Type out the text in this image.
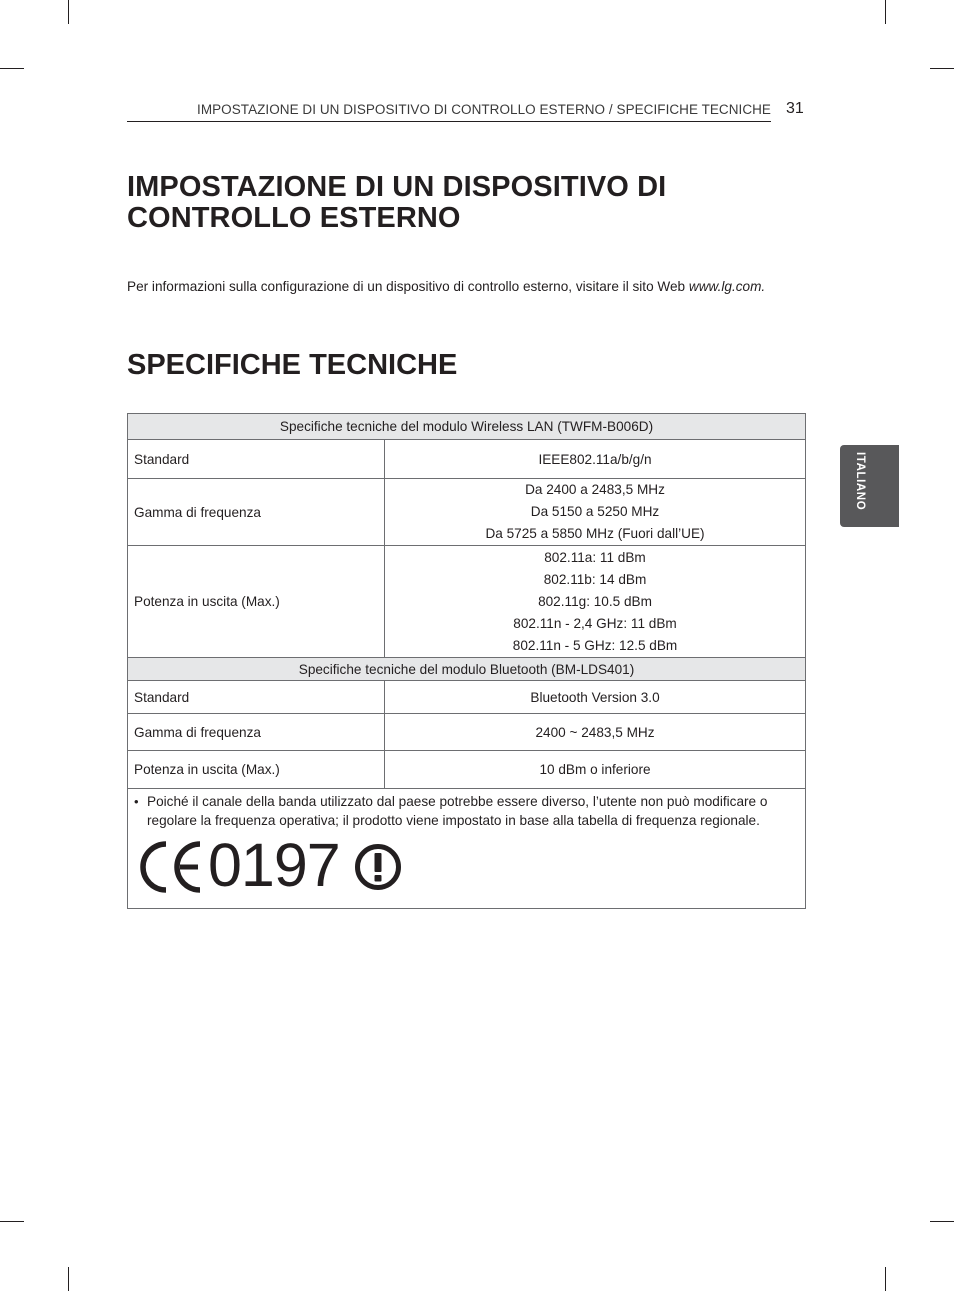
IMPOSTAZIONE DI UN DISPOSITIVO DI CONTROLLO ESTERNO / SPECIFICHE TECNICHE 31
ITALIANO
IMPOSTAZIONE DI UN DISPOSITIVO DI
CONTROLLO ESTERNO
Per informazioni sulla configurazione di un dispositivo di controllo esterno, visitare il sito Web www.lg.com.
SPECIFICHE TECNICHE
Specifiche tecniche del modulo Wireless LAN (TWFM-B006D)	
Standard	IEEE802.11a/b/g/n
Gamma di frequenza	Da 2400 a 2483,5 MHz
Da 5150 a 5250 MHz
Da 5725 a 5850 MHz (Fuori dall’UE)

Potenza in uscita (Max.)	802.11a: 11 dBm
802.11b: 14 dBm
802.11g: 10.5 dBm
802.11n - 2,4 GHz: 11 dBm
802.11n - 5 GHz: 12.5 dBm

Specifiche tecniche del modulo Bluetooth (BM-LDS401)	
Standard	Bluetooth Version 3.0
Gamma di frequenza	2400 ~ 2483,5 MHz
Potenza in uscita (Max.)	10 dBm o inferiore

• Poiché il canale della banda utilizzato dal paese potrebbe essere diverso, l’utente non può modificare o regolare la frequenza operativa; il prodotto viene impostato in base alla tabella di frequenza regionale.
0197	
